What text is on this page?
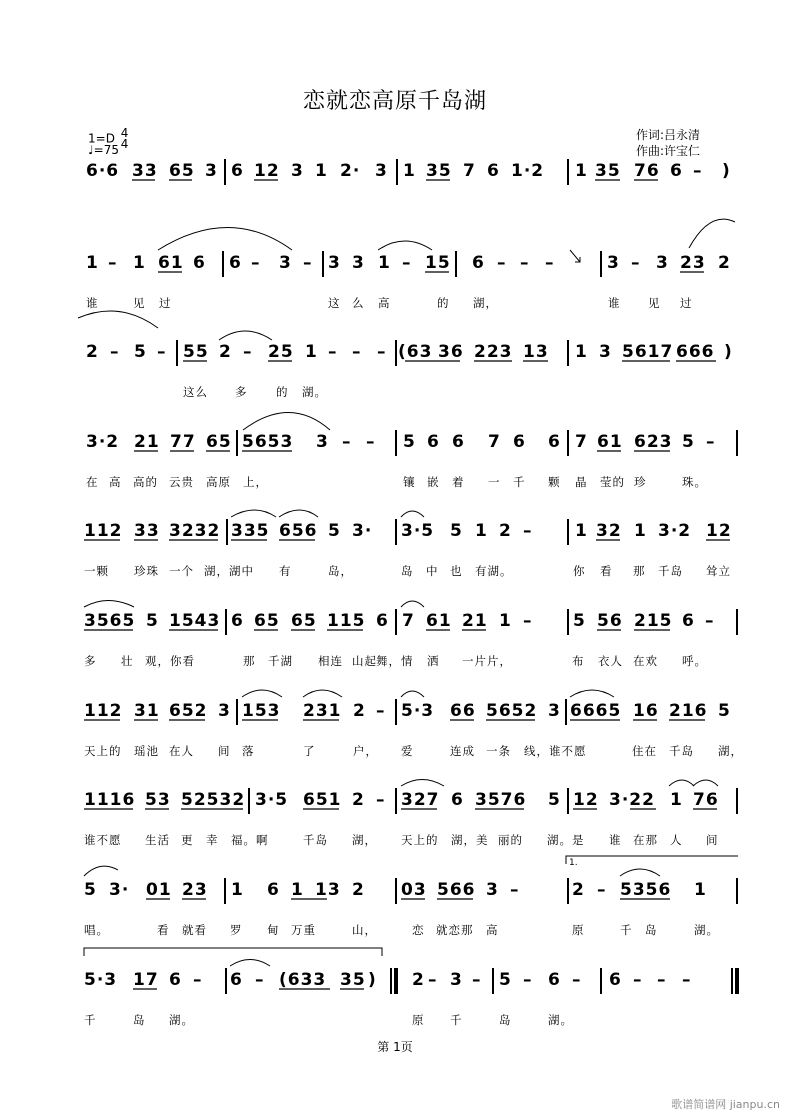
恋就恋高原千岛湖
1=D 4
4
♩=75
作词:吕永清
作曲:许宝仁
6·6 33 65 3 6 12 3 1 2· 3 1 35 7 6 1·2 1 35 76 6 – )
1 – 1 61 6 6 – 3 – 3 3 1 – 15 6 – – –	3 – 3 23 2
谁	见 过	这 么 高	的 湖，	谁 见 过
2 – 5 – 55 2 – 25 1 – – – (63 36 223 13 1 3 5617 666 )
这么 多 的 湖。
3·2 21 77 65 5653 3 – – 5 6 6 7 6 6 7 61 623 5 –
在 高 高的 云贵 高原 上，	镶 嵌 着 一 千 颗 晶 莹的 珍	珠。
112 33 3232 335 656 5 3· 3·5 5 1 2 –	1 32 1 3·2 12
一颗 珍珠 一个 湖，湖中 有	岛，	岛 中 也 有湖。	你 看 那 千岛 耸立
3565 5 1543 6 65 65 115 6 7 61 21 1 – 5 56 215 6 –
多 壮 观，你看	那 千湖 相连 山起 舞，情 洒 一片片，	布 衣人 在欢 呼。
112 31 652 3 153 231 2 – 5·3 66 5652 3 6665 16 216 5
天上的 瑶池 在人 间 落	了	户， 爱	连成 一条 线，谁不愿	住在 千岛 湖，
1116 53 52532 3·5 651 2 – 327 6 3576 5 12 3·22 1 76
谁不愿 生活 更 幸 福。啊	千岛 湖， 天上的 湖，美 丽的 湖。是 谁 在那 人 间
5 3· 01 23 1 6 1 13 2 03 566 3 –	2 – 5356 1
唱。	看 就看 罗 甸 万重	山，	恋 就恋那 高	原	千 岛	湖。
5·3 17 6 – 6 – (633 35 ) 2 – 3 – 5 – 6 – 6 – – –
千	岛 湖。	原 千	岛	湖。
1.
第 1页
歌谱简谱网 jianpu.cn
